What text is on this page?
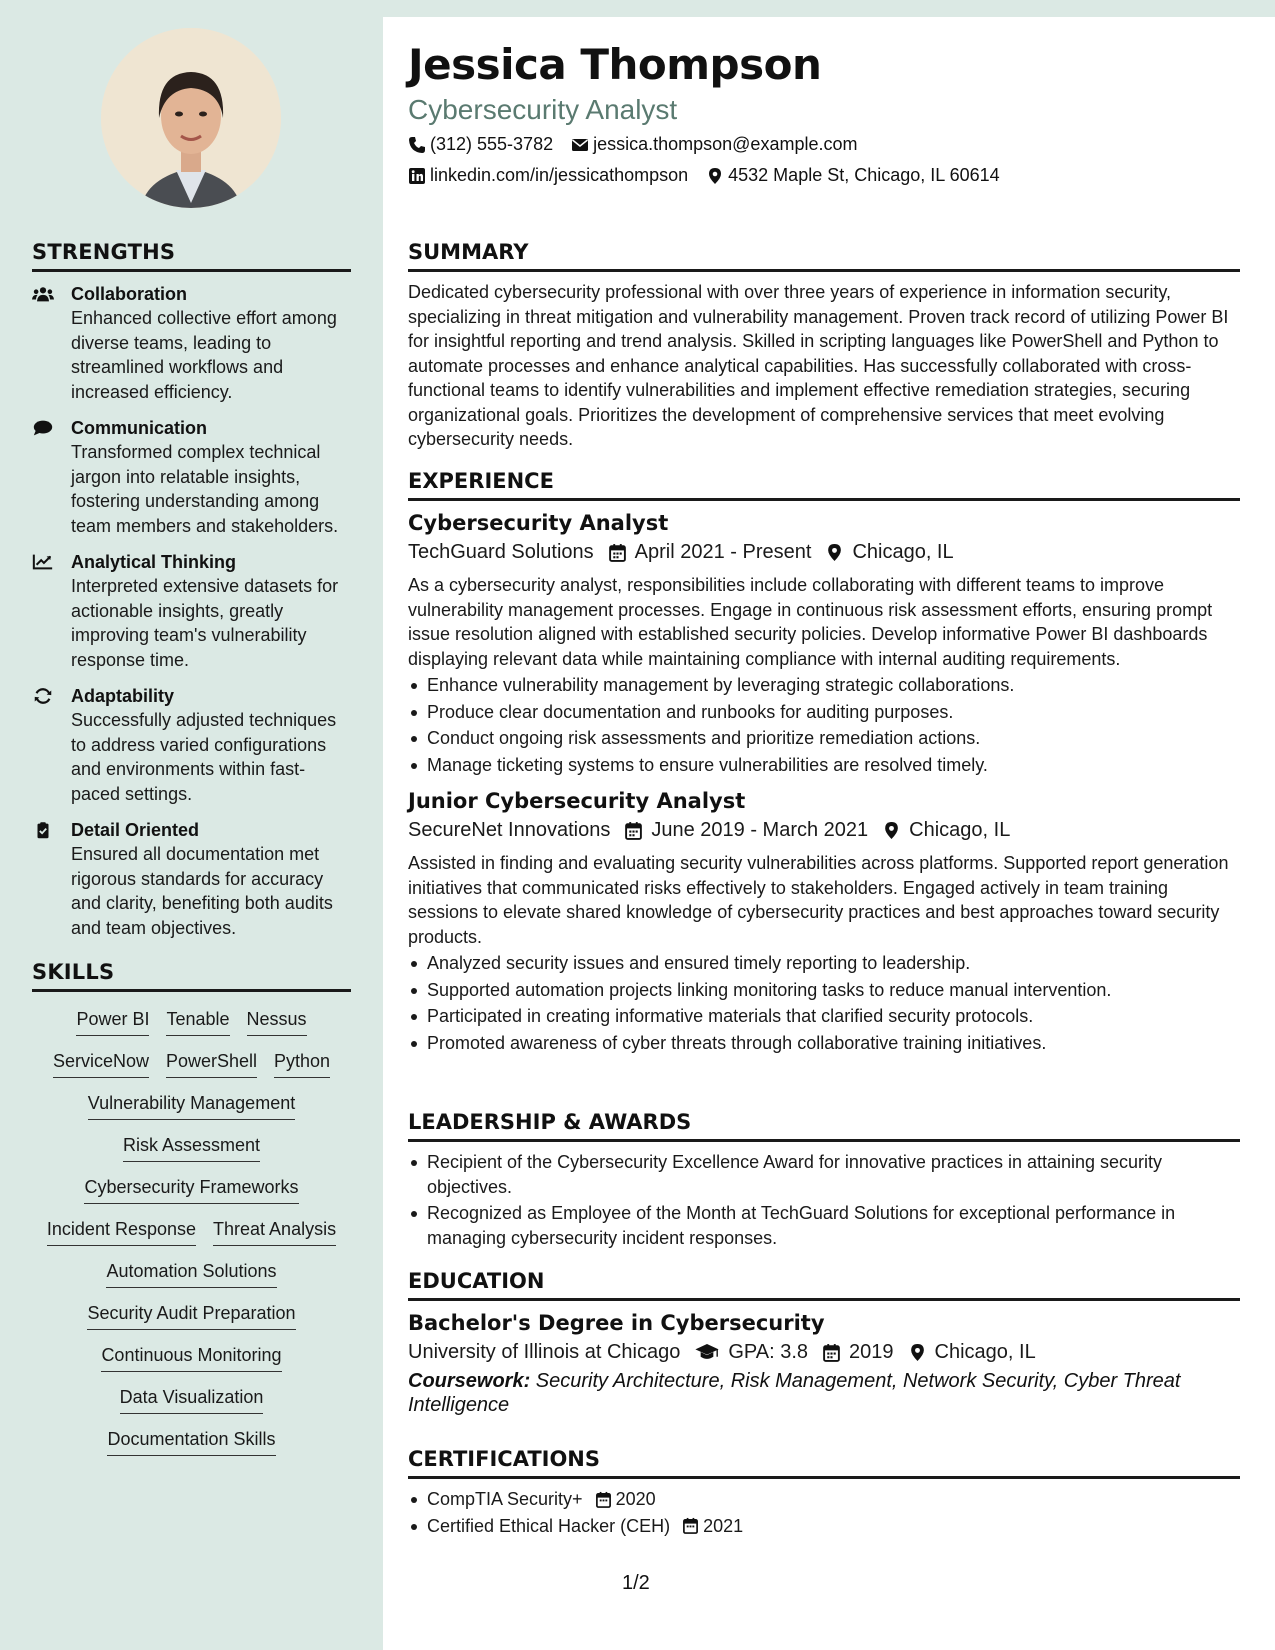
STRENGTHS
Collaboration
Enhanced collective effort among diverse teams, leading to streamlined workflows and increased efficiency.
Communication
Transformed complex technical jargon into relatable insights, fostering understanding among team members and stakeholders.
Analytical Thinking
Interpreted extensive datasets for actionable insights, greatly improving team's vulnerability response time.
Adaptability
Successfully adjusted techniques to address varied configurations and environments within fast-paced settings.
Detail Oriented
Ensured all documentation met rigorous standards for accuracy and clarity, benefiting both audits and team objectives.
SKILLS
Power BI Tenable Nessus
ServiceNow PowerShell Python
Vulnerability Management
Risk Assessment
Cybersecurity Frameworks
Incident Response Threat Analysis
Automation Solutions
Security Audit Preparation
Continuous Monitoring
Data Visualization
Documentation Skills
Jessica Thompson
Cybersecurity Analyst
(312) 555-3782 jessica.thompson@example.com
linkedin.com/in/jessicathompson 4532 Maple St, Chicago, IL 60614
SUMMARY
Dedicated cybersecurity professional with over three years of experience in information security, specializing in threat mitigation and vulnerability management. Proven track record of utilizing Power BI for insightful reporting and trend analysis. Skilled in scripting languages like PowerShell and Python to automate processes and enhance analytical capabilities. Has successfully collaborated with cross-functional teams to identify vulnerabilities and implement effective remediation strategies, securing organizational goals. Prioritizes the development of comprehensive services that meet evolving cybersecurity needs.
EXPERIENCE
Cybersecurity Analyst
TechGuard Solutions April 2021 - Present Chicago, IL
As a cybersecurity analyst, responsibilities include collaborating with different teams to improve vulnerability management processes. Engage in continuous risk assessment efforts, ensuring prompt issue resolution aligned with established security policies. Develop informative Power BI dashboards displaying relevant data while maintaining compliance with internal auditing requirements.
Enhance vulnerability management by leveraging strategic collaborations.
Produce clear documentation and runbooks for auditing purposes.
Conduct ongoing risk assessments and prioritize remediation actions.
Manage ticketing systems to ensure vulnerabilities are resolved timely.
Junior Cybersecurity Analyst
SecureNet Innovations June 2019 - March 2021 Chicago, IL
Assisted in finding and evaluating security vulnerabilities across platforms. Supported report generation initiatives that communicated risks effectively to stakeholders. Engaged actively in team training sessions to elevate shared knowledge of cybersecurity practices and best approaches toward security products.
Analyzed security issues and ensured timely reporting to leadership.
Supported automation projects linking monitoring tasks to reduce manual intervention.
Participated in creating informative materials that clarified security protocols.
Promoted awareness of cyber threats through collaborative training initiatives.
LEADERSHIP & AWARDS
Recipient of the Cybersecurity Excellence Award for innovative practices in attaining security objectives.
Recognized as Employee of the Month at TechGuard Solutions for exceptional performance in managing cybersecurity incident responses.
EDUCATION
Bachelor's Degree in Cybersecurity
University of Illinois at Chicago GPA: 3.8 2019 Chicago, IL
Coursework: Security Architecture, Risk Management, Network Security, Cyber Threat Intelligence
CERTIFICATIONS
CompTIA Security+ 2020
Certified Ethical Hacker (CEH) 2021
1/2
